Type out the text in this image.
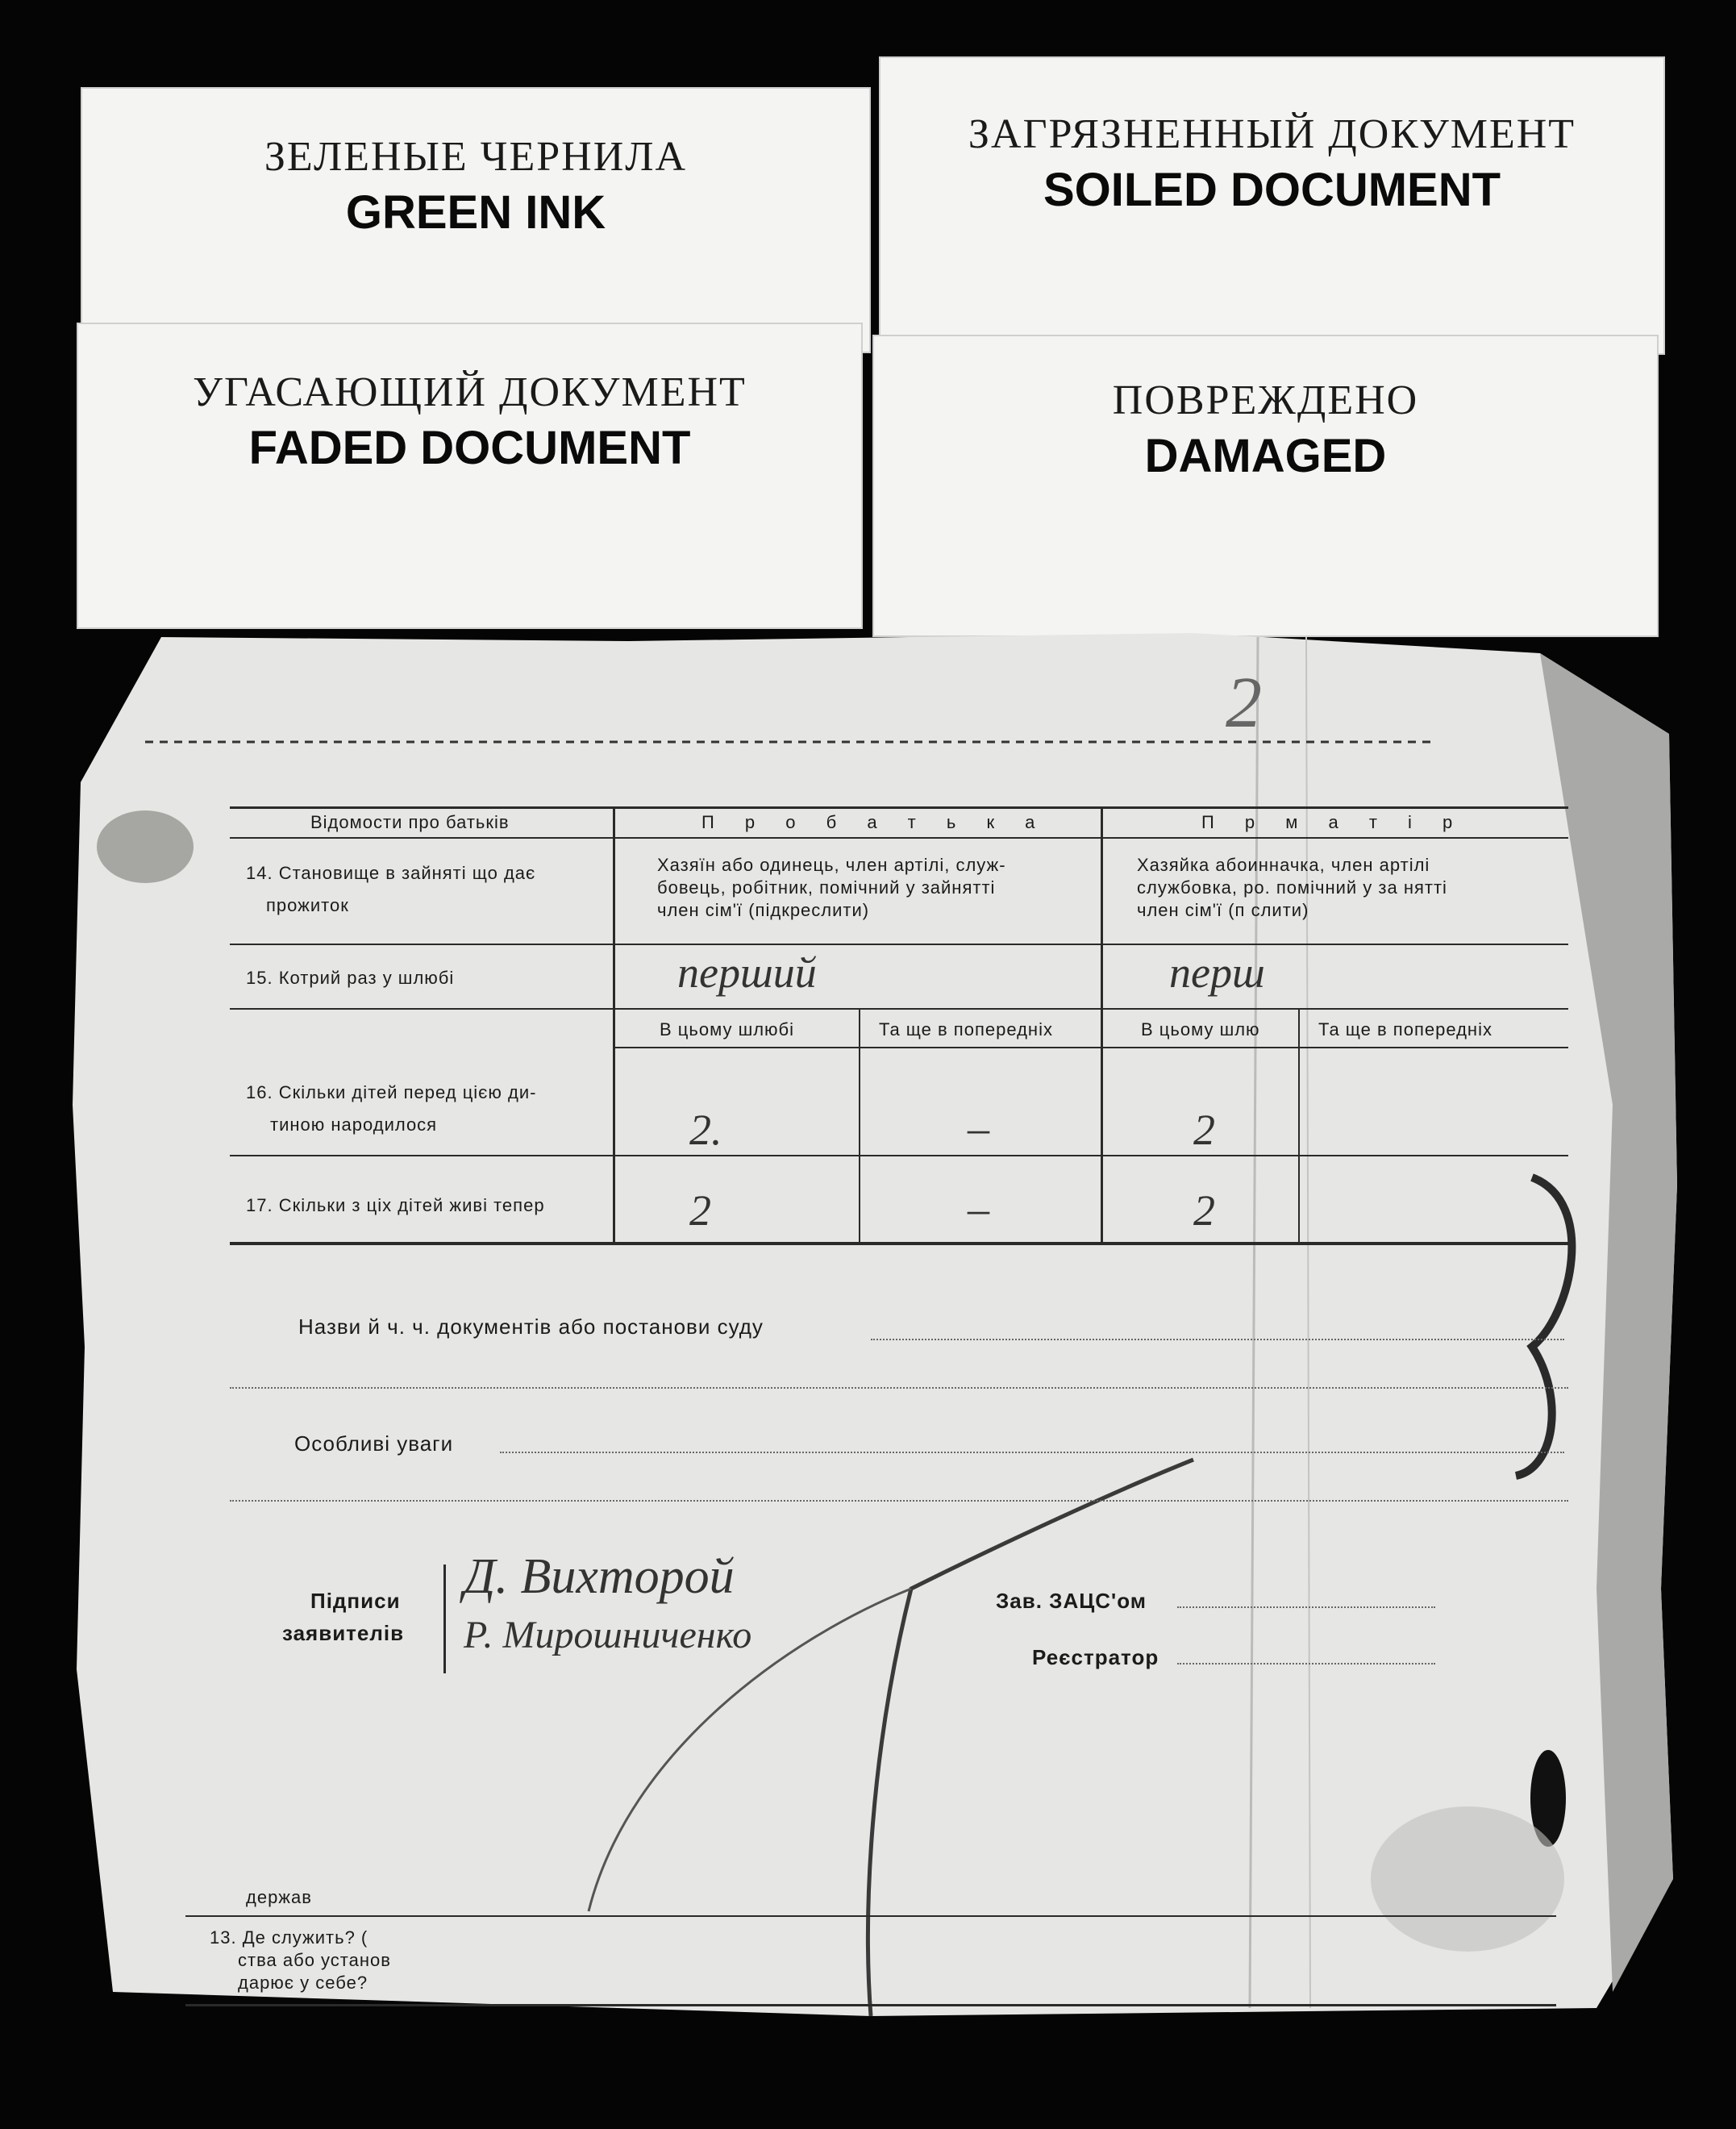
ЗЕЛЕНЫЕ ЧЕРНИЛА
GREEN INK
ЗАГРЯЗНЕННЫЙ ДОКУМЕНТ
SOILED DOCUMENT
УГАСАЮЩИЙ ДОКУМЕНТ
FADED DOCUMENT
ПОВРЕЖДЕНО
DAMAGED
2
Відомости про батьків	П р о б а т ь к а	П р м а т і р
14. Становище в зайняті що дає
прожиток
Хазяїн або одинець, член артілі, служ-
бовець, робітник, помічний у зайнятті
член сім'ї (підкреслити)
Хазяйка абоинначка, член артілі
службовка, ро. помічний у за нятті
член сім'ї (п слити)
15. Котрий раз у шлюбі	перший	перш
В цьому шлюбі	Та ще в попередніх	В цьому шлю	Та ще в попередніх
16. Скільки дітей перед цією ди-
тиною народилося	2.	–	2
17. Скільки з ціх дітей живі тепер	2	–	2
Назви й ч. ч. документів або постанови суду
Особливі уваги
Підписи
заявителів
Д. Вихторой
Р. Мирошниченко
Зав. ЗАЦС'ом
Реєстратор
держав
13. Де служить? (
ства або установ
дарює у себе?
